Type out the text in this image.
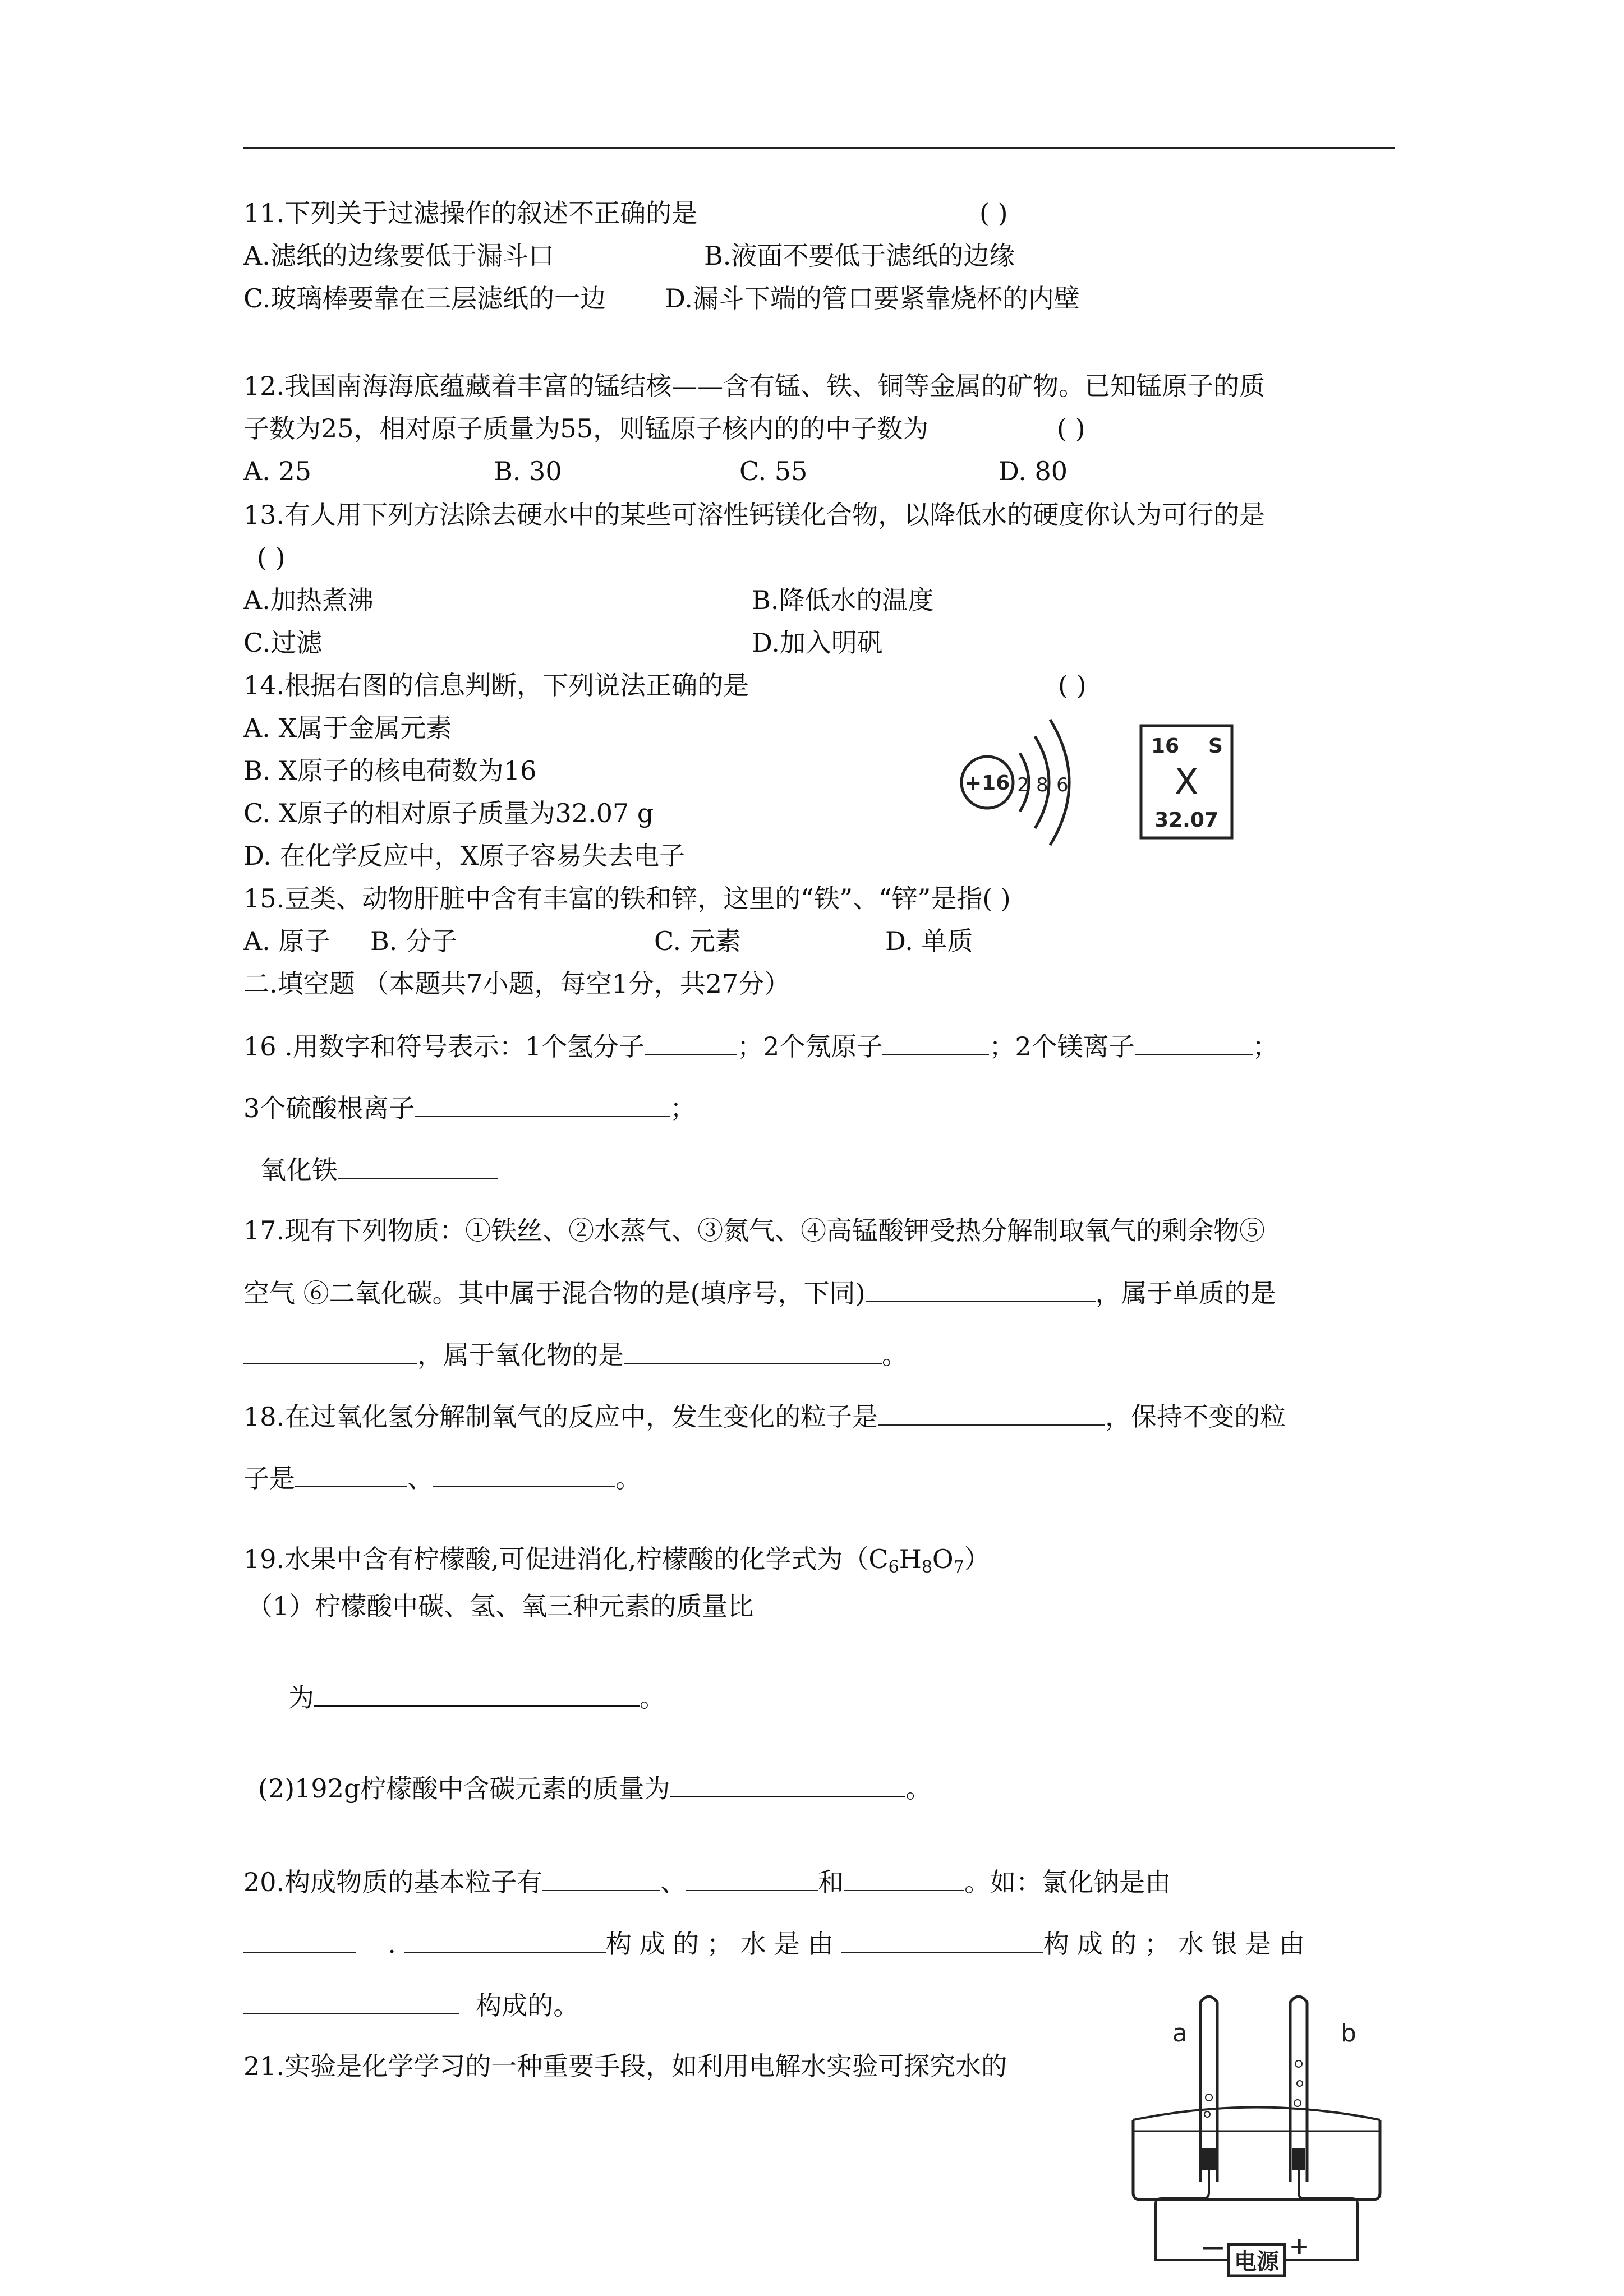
11.下列关于过滤操作的叙述不正确的是	( )
A.滤纸的边缘要低于漏斗口	B.液面不要低于滤纸的边缘
C.玻璃棒要靠在三层滤纸的一边 D.漏斗下端的管口要紧靠烧杯的内壁
12.我国南海海底蕴藏着丰富的锰结核——含有锰、铁、铜等金属的矿物。已知锰原子的质
子数为25，相对原子质量为55，则锰原子核内的的中子数为	( )
A. 25	B. 30	C. 55	D. 80
13.有人用下列方法除去硬水中的某些可溶性钙镁化合物，以降低水的硬度你认为可行的是
( )
A.加热煮沸	B.降低水的温度
C.过滤	D.加入明矾
14.根据右图的信息判断，下列说法正确的是	( )
A. X属于金属元素
B. X原子的核电荷数为16
C. X原子的相对原子质量为32.07 g
D. 在化学反应中，X原子容易失去电子
+16 2 8 6
16 S
X
32.07
15.豆类、动物肝脏中含有丰富的铁和锌，这里的“铁”、“锌”是指( )
A. 原子 B. 分子	C. 元素	D. 单质
二.填空题 （本题共7小题，每空1分，共27分）
16 .用数字和符号表示：1个氢分子	；2个氖原子	；2个镁离子	；
3个硫酸根离子	；
氧化铁
17.现有下列物质：①铁丝、②水蒸气、③氮气、④高锰酸钾受热分解制取氧气的剩余物⑤
空气 ⑥二氧化碳。其中属于混合物的是(填序号，下同)	，属于单质的是
，属于氧化物的是	。
18.在过氧化氢分解制氧气的反应中，发生变化的粒子是	，保持不变的粒
子是	、	。
19.水果中含有柠檬酸,可促进消化,柠檬酸的化学式为$(C_6H_8O_7)$
（1）柠檬酸中碳、氢、氧三种元素的质量比
为	。
(2)192g柠檬酸中含碳元素的质量为	。
20.构成物质的基本粒子有	、	和	。如：氯化钠是由
.	构成的；水是由	构成的；水银是由
构成的。
21.实验是化学学习的一种重要手段，如利用电解水实验可探究水的
a	b
电源
—	+
